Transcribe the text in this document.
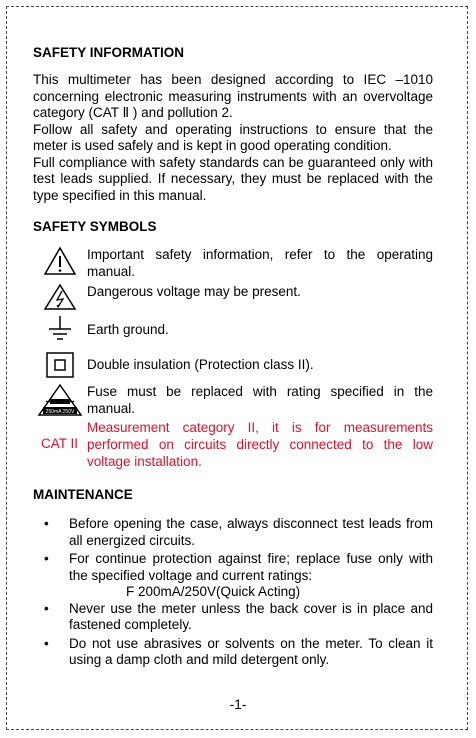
SAFETY INFORMATION

This multimeter has been designed according to IEC –1010 concerning electronic measuring instruments with an overvoltage category (CAT Ⅱ ) and pollution 2.

Follow all safety and operating instructions to ensure that the meter is used safely and is kept in good operating condition.

Full compliance with safety standards can be guaranteed only with test leads supplied. If necessary, they must be replaced with the type specified in this manual.

SAFETY SYMBOLS
Important safety information, refer to the operating manual.
Dangerous voltage may be present.
Earth ground.
Double insulation (Protection class II).
250mA 250V
Fuse must be replaced with rating specified in the manual.
CAT II
Measurement category II, it is for measurements performed on circuits directly connected to the low voltage installation.
MAINTENANCE
• Before opening the case, always disconnect test leads from all energized circuits.
• For continue protection against fire; replace fuse only with the specified voltage and current ratings:
F 200mA/250V(Quick Acting)
• Never use the meter unless the back cover is in place and fastened completely.
• Do not use abrasives or solvents on the meter. To clean it using a damp cloth and mild detergent only.
-1-
